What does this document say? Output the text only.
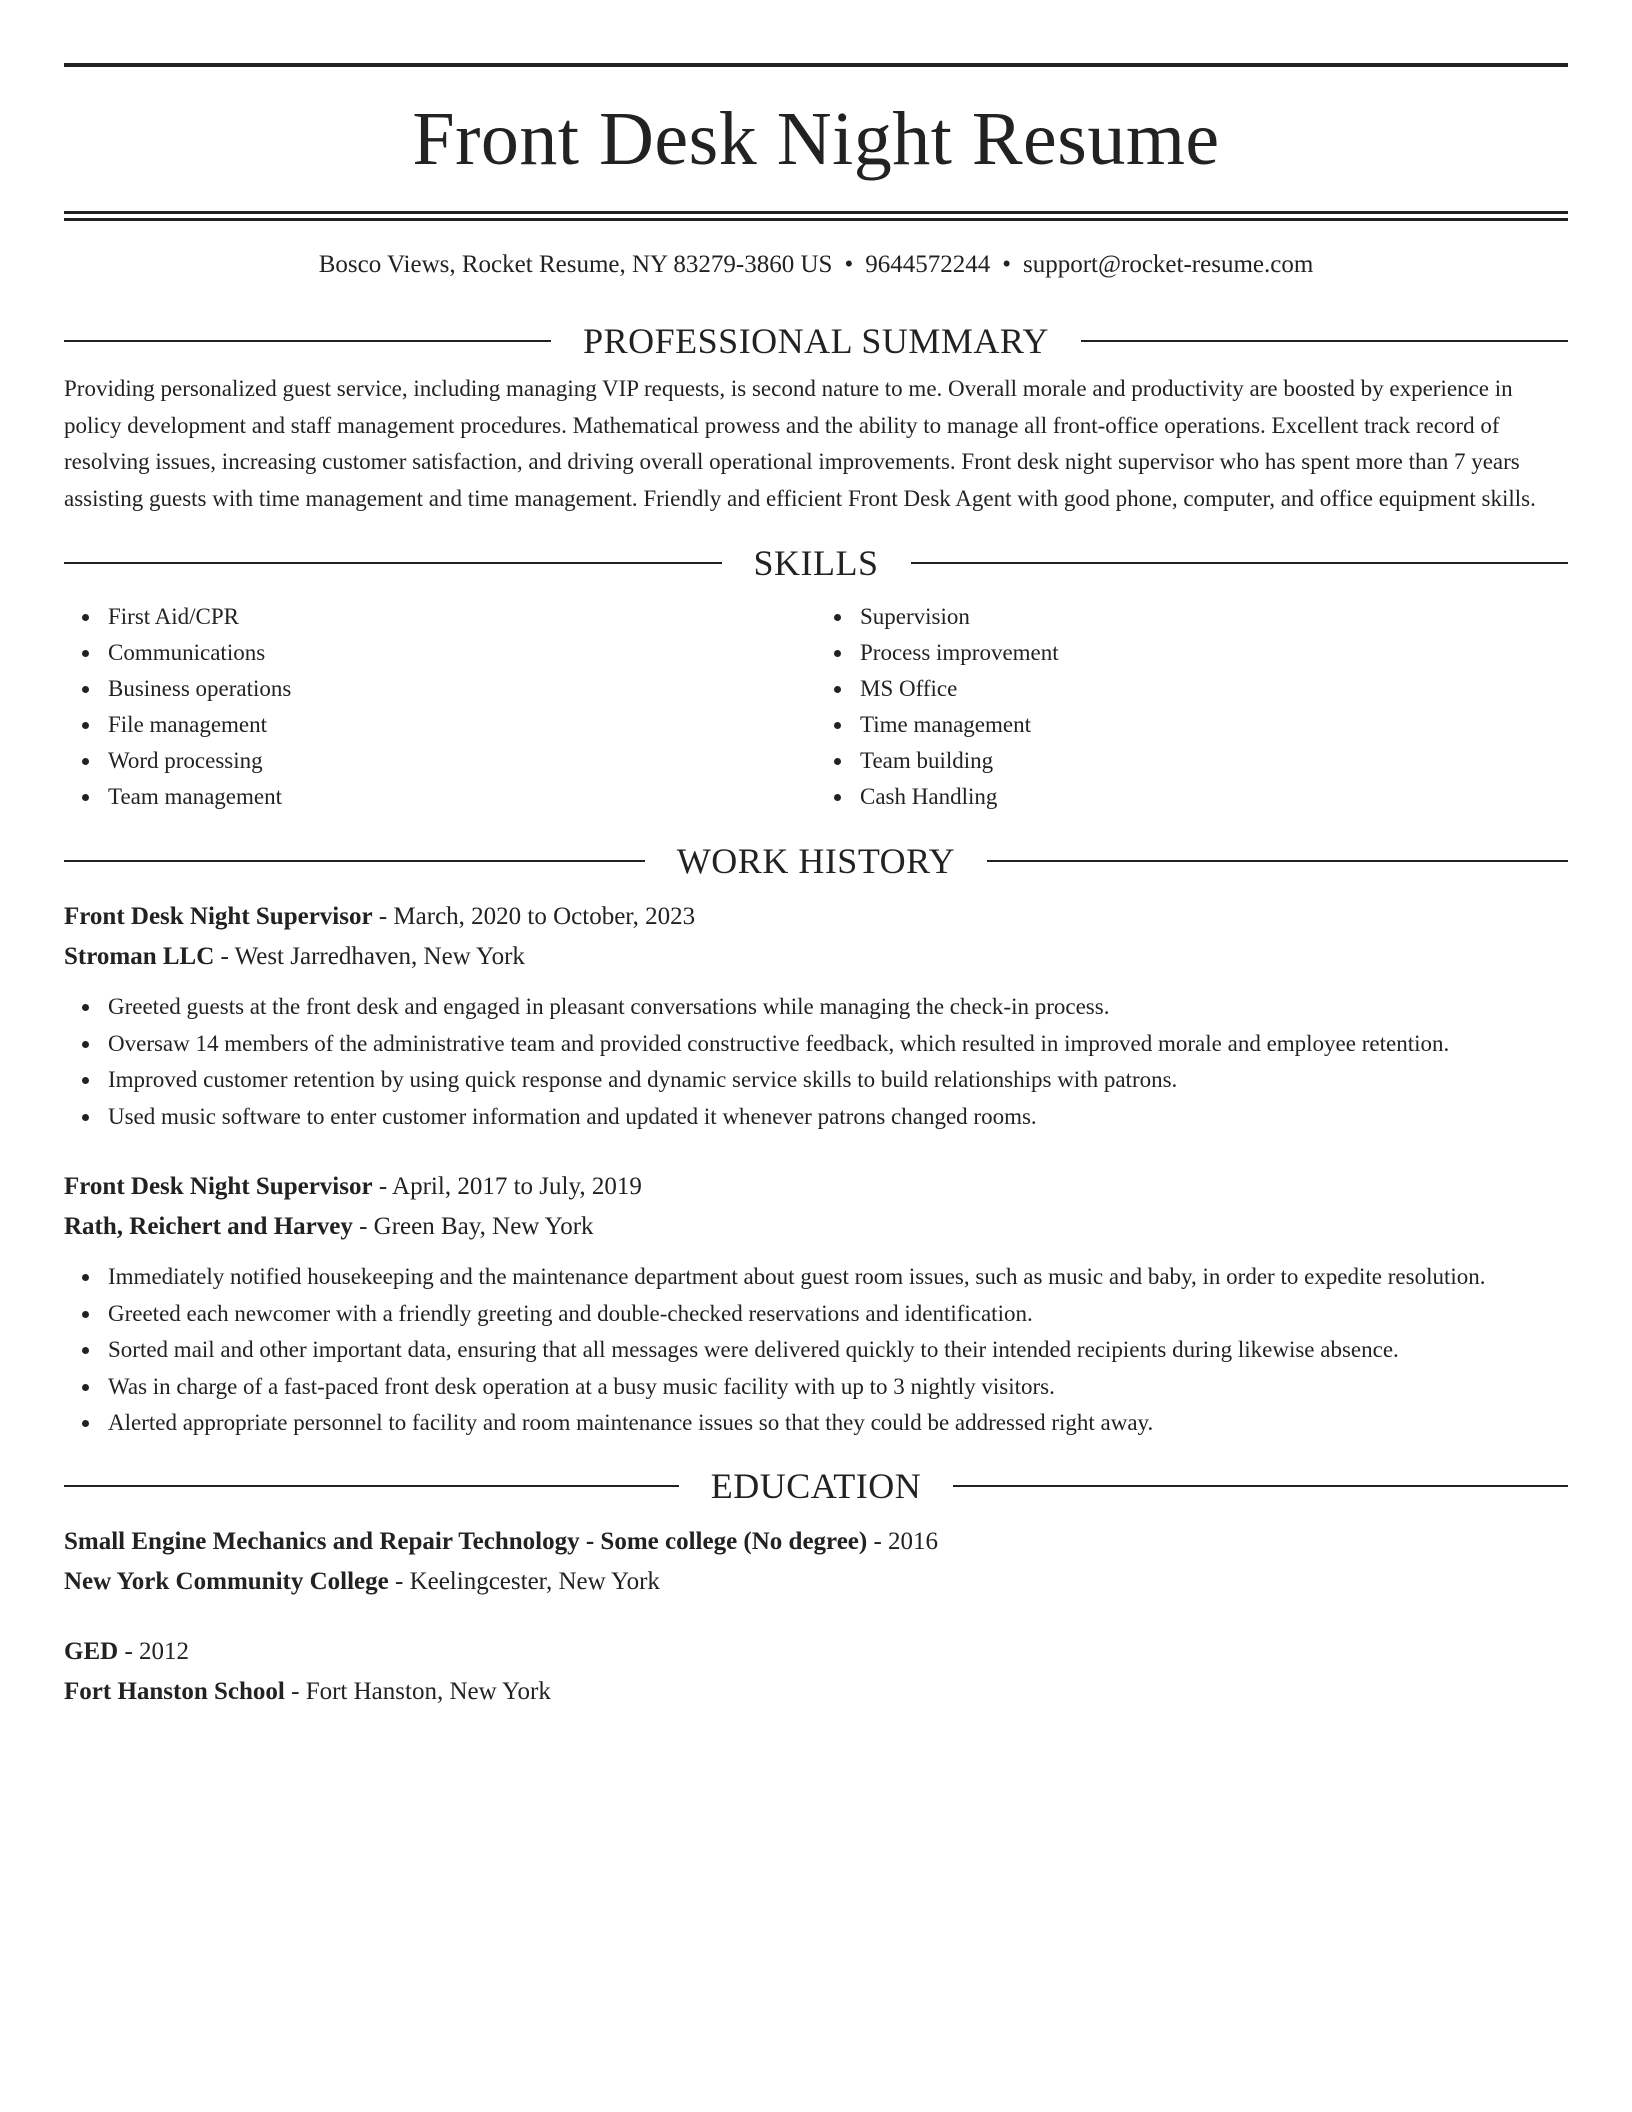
Front Desk Night Resume
Bosco Views, Rocket Resume, NY 83279-3860 US • 9644572244 • support@rocket-resume.com
PROFESSIONAL SUMMARY
Providing personalized guest service, including managing VIP requests, is second nature to me. Overall morale and productivity are boosted by experience in policy development and staff management procedures. Mathematical prowess and the ability to manage all front-office operations. Excellent track record of resolving issues, increasing customer satisfaction, and driving overall operational improvements. Front desk night supervisor who has spent more than 7 years assisting guests with time management and time management. Friendly and efficient Front Desk Agent with good phone, computer, and office equipment skills.
SKILLS
First Aid/CPR
Communications
Business operations
File management
Word processing
Team management
Supervision
Process improvement
MS Office
Time management
Team building
Cash Handling
WORK HISTORY
Front Desk Night Supervisor - March, 2020 to October, 2023
Stroman LLC - West Jarredhaven, New York
Greeted guests at the front desk and engaged in pleasant conversations while managing the check-in process.
Oversaw 14 members of the administrative team and provided constructive feedback, which resulted in improved morale and employee retention.
Improved customer retention by using quick response and dynamic service skills to build relationships with patrons.
Used music software to enter customer information and updated it whenever patrons changed rooms.
Front Desk Night Supervisor - April, 2017 to July, 2019
Rath, Reichert and Harvey - Green Bay, New York
Immediately notified housekeeping and the maintenance department about guest room issues, such as music and baby, in order to expedite resolution.
Greeted each newcomer with a friendly greeting and double-checked reservations and identification.
Sorted mail and other important data, ensuring that all messages were delivered quickly to their intended recipients during likewise absence.
Was in charge of a fast-paced front desk operation at a busy music facility with up to 3 nightly visitors.
Alerted appropriate personnel to facility and room maintenance issues so that they could be addressed right away.
EDUCATION
Small Engine Mechanics and Repair Technology - Some college (No degree) - 2016
New York Community College - Keelingcester, New York
GED - 2012
Fort Hanston School - Fort Hanston, New York
